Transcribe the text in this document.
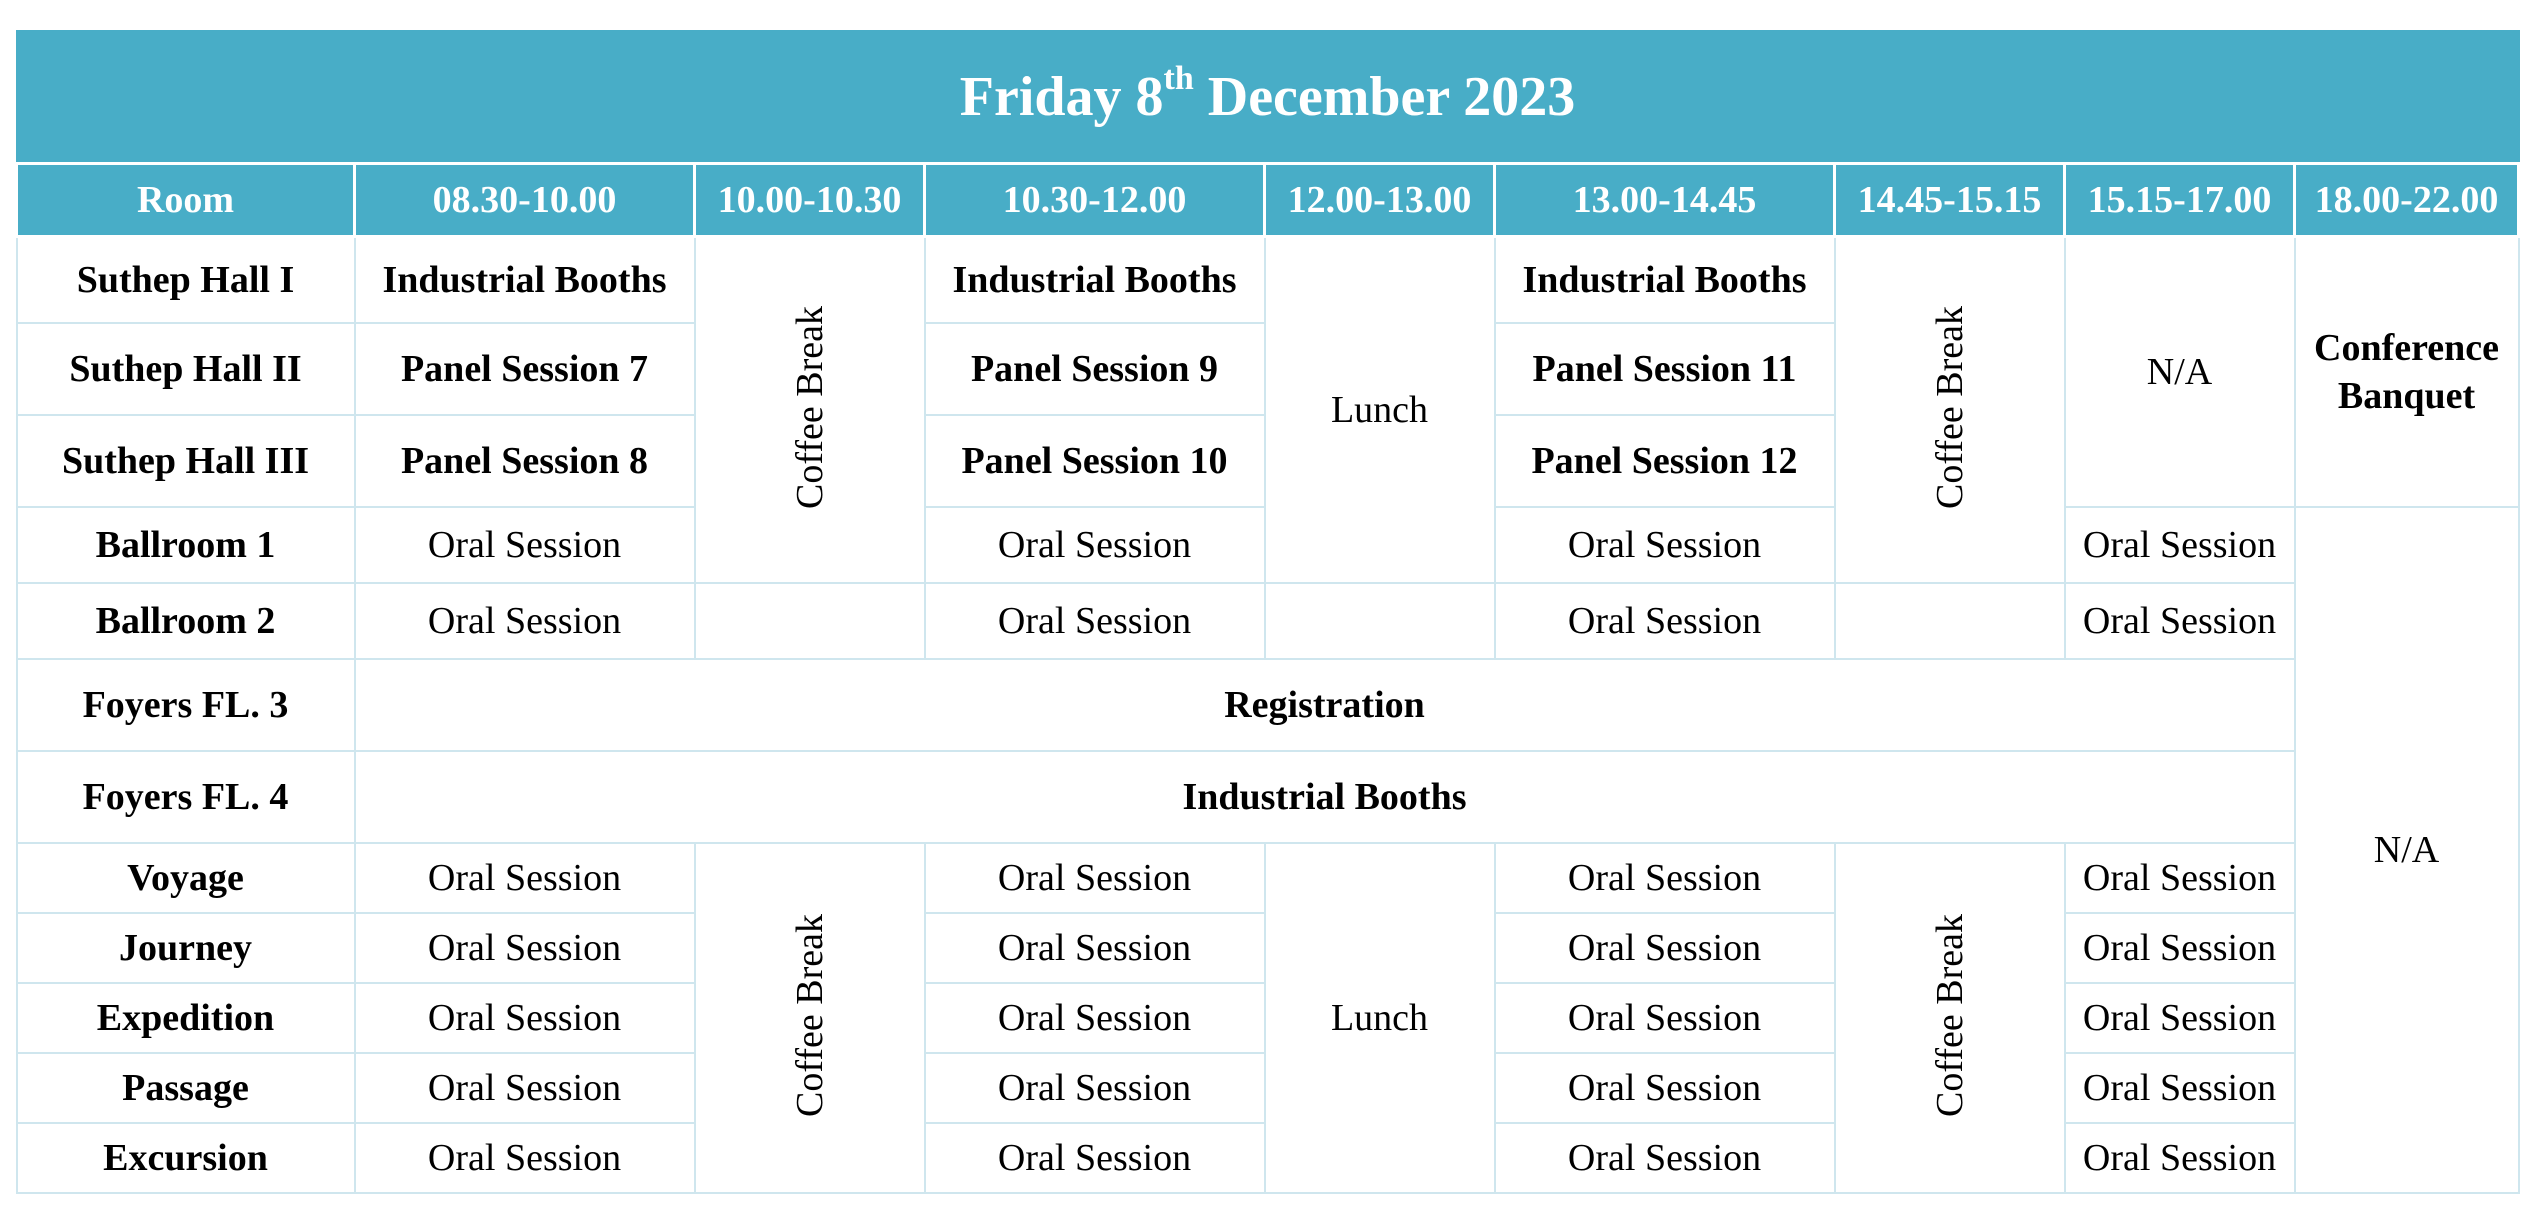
Friday 8th December 2023								
Room	08.30-10.00	10.00-10.30	10.30-12.00	12.00-13.00	13.00-14.45	14.45-15.15	15.15-17.00	18.00-22.00
Suthep Hall I	Industrial Booths	Coffee Break	Industrial Booths	Lunch	Industrial Booths	Coffee Break	N/A	Conference
Banquet
Suthep Hall II	Panel Session 7		Panel Session 9		Panel Session 11			
Suthep Hall III	Panel Session 8		Panel Session 10		Panel Session 12			
Ballroom 1	Oral Session		Oral Session		Oral Session		Oral Session	N/A
Ballroom 2	Oral Session		Oral Session		Oral Session		Oral Session	
Foyers FL. 3	Registration							
Foyers FL. 4	Industrial Booths							
Voyage	Oral Session	Coffee Break	Oral Session	Lunch	Oral Session	Coffee Break	Oral Session	
Journey	Oral Session		Oral Session		Oral Session		Oral Session	
Expedition	Oral Session		Oral Session		Oral Session		Oral Session	
Passage	Oral Session		Oral Session		Oral Session		Oral Session	
Excursion	Oral Session		Oral Session		Oral Session		Oral Session	
